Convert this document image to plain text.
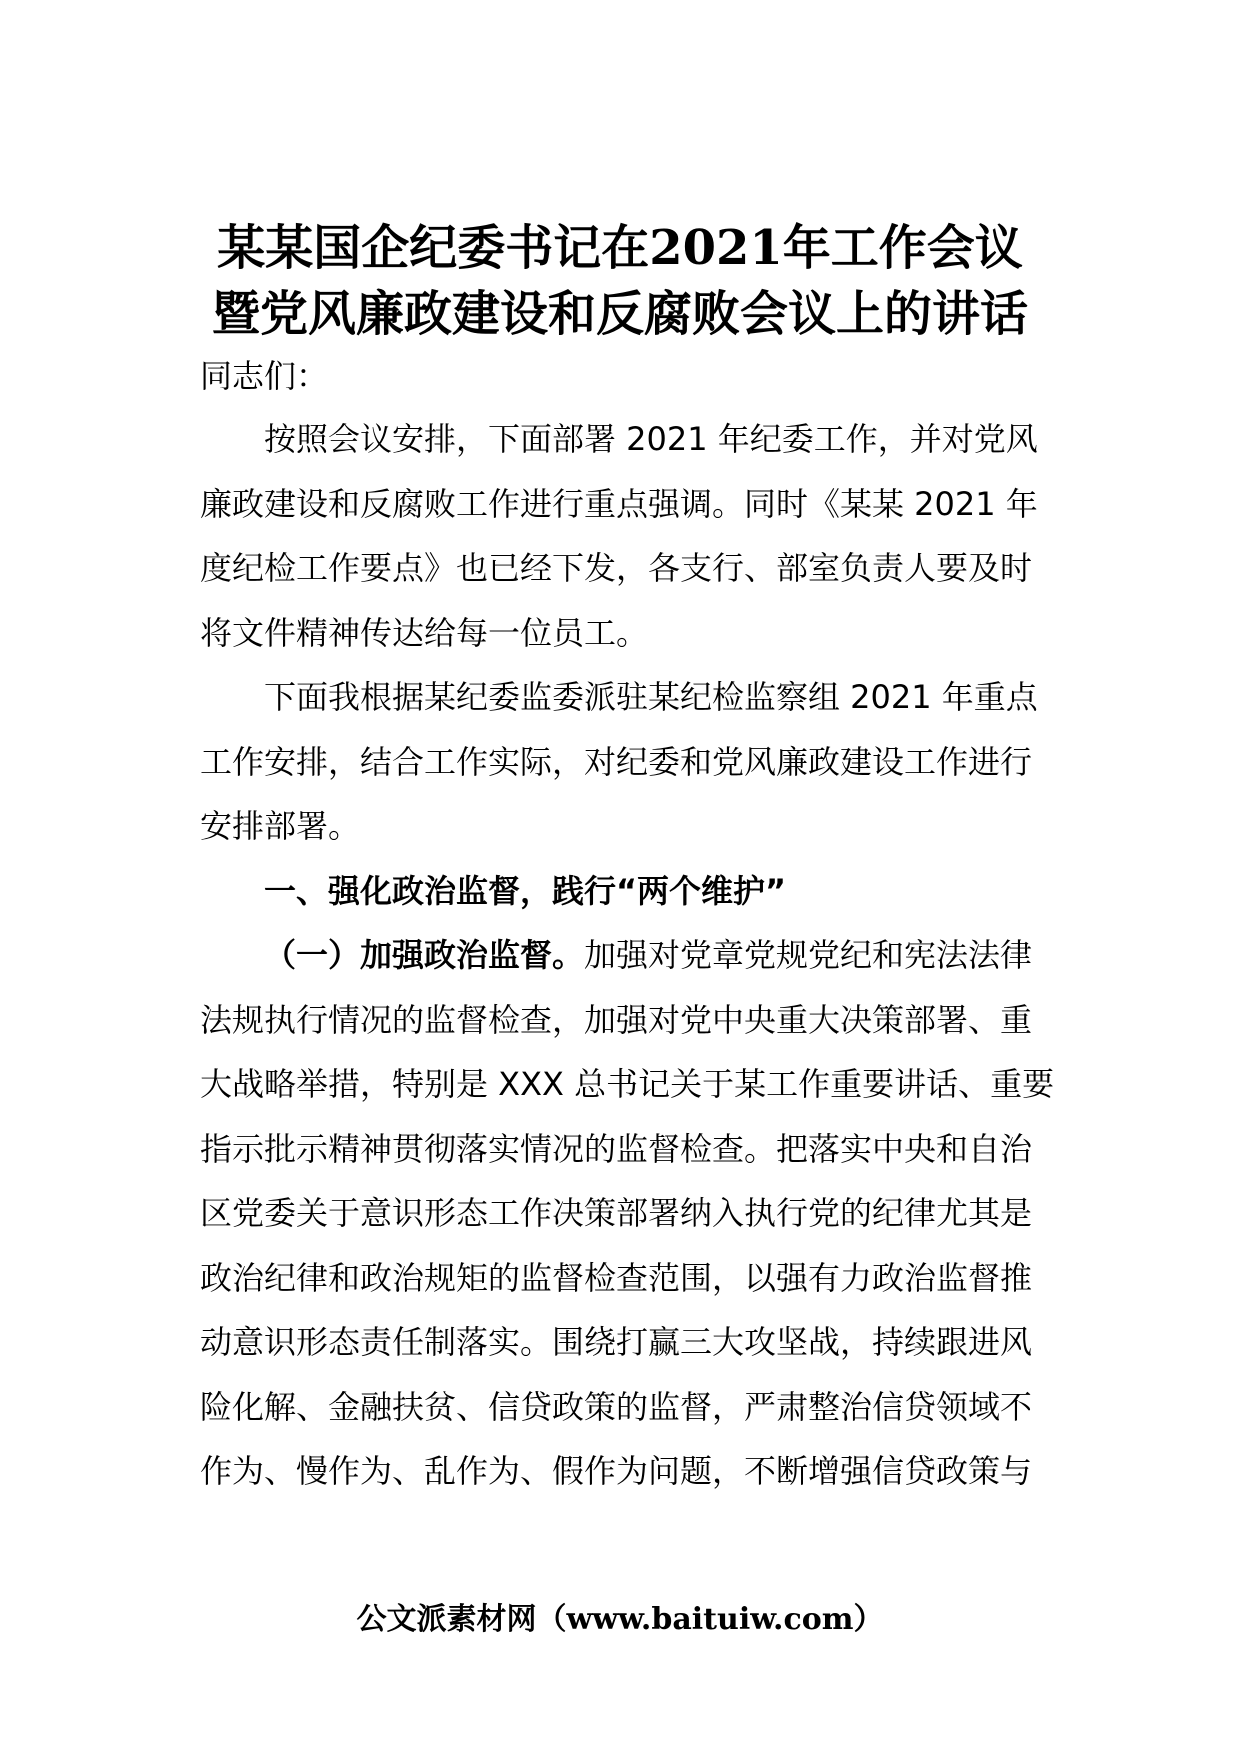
某某国企纪委书记在2021年工作会议
暨党风廉政建设和反腐败会议上的讲话
同志们：
按照会议安排，下面部署 2021 年纪委工作，并对党风
廉政建设和反腐败工作进行重点强调。同时《某某 2021 年
度纪检工作要点》也已经下发，各支行、部室负责人要及时
将文件精神传达给每一位员工。
下面我根据某纪委监委派驻某纪检监察组 2021 年重点
工作安排，结合工作实际，对纪委和党风廉政建设工作进行
安排部署。
一、强化政治监督，践行“两个维护”
（一）加强政治监督。加强对党章党规党纪和宪法法律
法规执行情况的监督检查，加强对党中央重大决策部署、重
大战略举措，特别是 XXX 总书记关于某工作重要讲话、重要
指示批示精神贯彻落实情况的监督检查。把落实中央和自治
区党委关于意识形态工作决策部署纳入执行党的纪律尤其是
政治纪律和政治规矩的监督检查范围，以强有力政治监督推
动意识形态责任制落实。围绕打赢三大攻坚战，持续跟进风
险化解、金融扶贫、信贷政策的监督，严肃整治信贷领域不
作为、慢作为、乱作为、假作为问题，不断增强信贷政策与
公文派素材网（www.baituiw.com）
